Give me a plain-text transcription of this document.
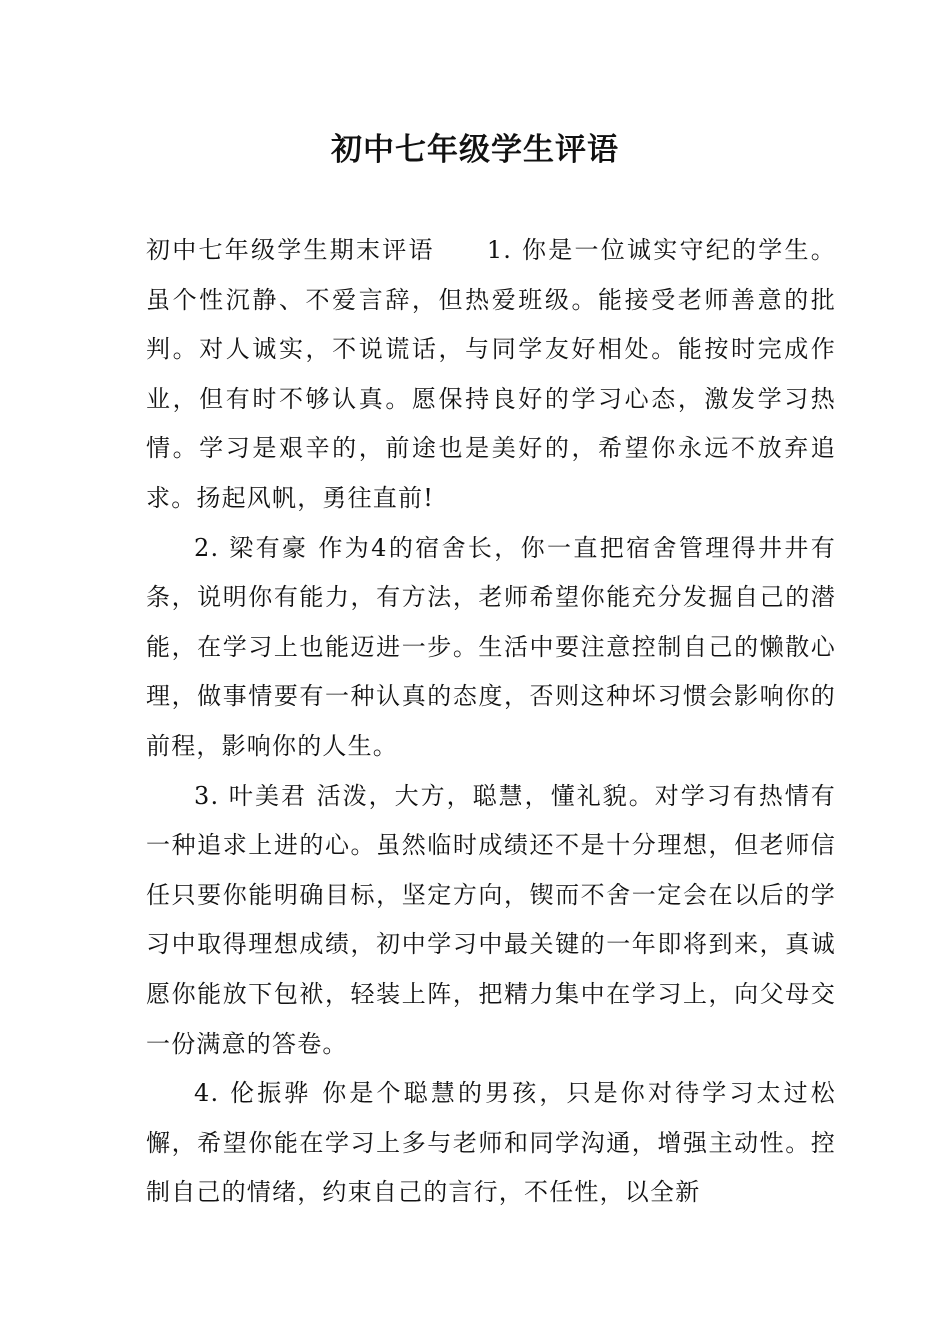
初中七年级学生评语

初中七年级学生期末评语 1. 你是一位诚实守纪的学生。虽个性沉静、不爱言辞，但热爱班级。能接受老师善意的批判。对人诚实，不说谎话，与同学友好相处。能按时完成作业，但有时不够认真。愿保持良好的学习心态，激发学习热情。学习是艰辛的，前途也是美好的，希望你永远不放弃追求。扬起风帆，勇往直前!

2. 梁有豪 作为4的宿舍长，你一直把宿舍管理得井井有条，说明你有能力，有方法，老师希望你能充分发掘自己的潜能，在学习上也能迈进一步。生活中要注意控制自己的懒散心理，做事情要有一种认真的态度，否则这种坏习惯会影响你的前程，影响你的人生。

3. 叶美君 活泼，大方，聪慧，懂礼貌。对学习有热情有一种追求上进的心。虽然临时成绩还不是十分理想，但老师信任只要你能明确目标，坚定方向，锲而不舍一定会在以后的学习中取得理想成绩，初中学习中最关键的一年即将到来，真诚愿你能放下包袱，轻装上阵，把精力集中在学习上，向父母交一份满意的答卷。

4. 伦振骅 你是个聪慧的男孩，只是你对待学习太过松懈，希望你能在学习上多与老师和同学沟通，增强主动性。控制自己的情绪，约束自己的言行，不任性，以全新
